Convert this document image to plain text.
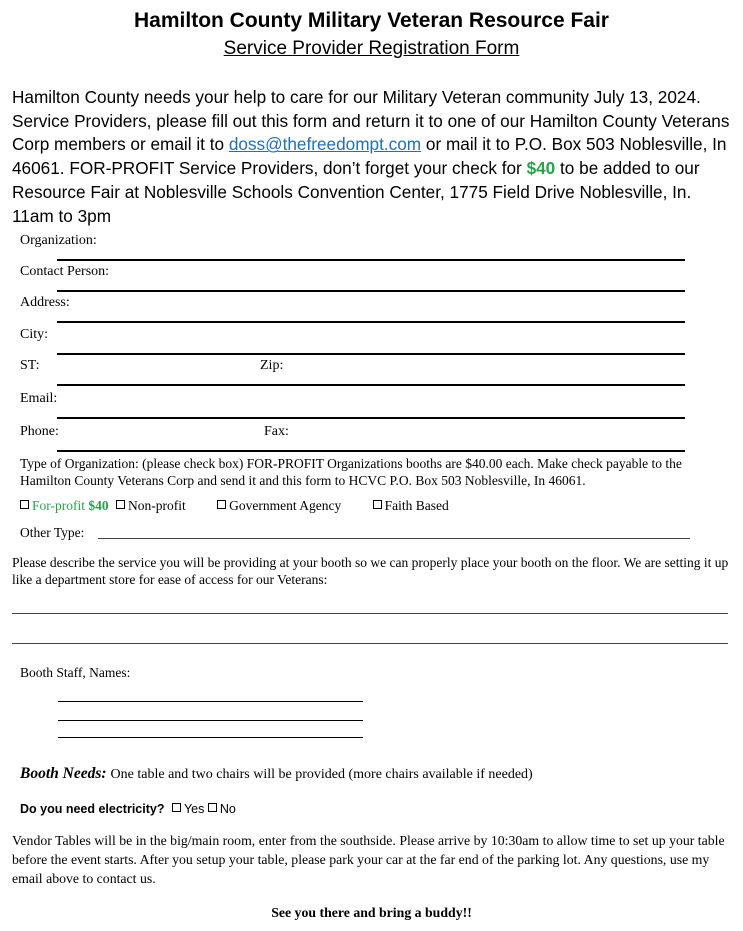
Hamilton County Military Veteran Resource Fair
Service Provider Registration Form
Hamilton County needs your help to care for our Military Veteran community July 13, 2024. Service Providers, please fill out this form and return it to one of our Hamilton County Veterans Corp members or email it to doss@thefreedompt.com or mail it to P.O. Box 503 Noblesville, In 46061. FOR-PROFIT Service Providers, don’t forget your check for $40 to be added to our Resource Fair at Noblesville Schools Convention Center, 1775 Field Drive Noblesville, In. 11am to 3pm
Organization:
Contact Person:
Address:
City:
ST:	Zip:
Email:
Phone:	Fax:
Type of Organization: (please check box) FOR-PROFIT Organizations booths are $40.00 each. Make check payable to the Hamilton County Veterans Corp and send it and this form to HCVC P.O. Box 503 Noblesville, In 46061.
For-profit $40 Non-profit	Government Agency	Faith Based
Other Type:
Please describe the service you will be providing at your booth so we can properly place your booth on the floor. We are setting it up like a department store for ease of access for our Veterans:
Booth Staff, Names:
Booth Needs: One table and two chairs will be provided (more chairs available if needed)
Do you need electricity? Yes No
Vendor Tables will be in the big/main room, enter from the southside. Please arrive by 10:30am to allow time to set up your table before the event starts. After you setup your table, please park your car at the far end of the parking lot. Any questions, use my email above to contact us.
See you there and bring a buddy!!
